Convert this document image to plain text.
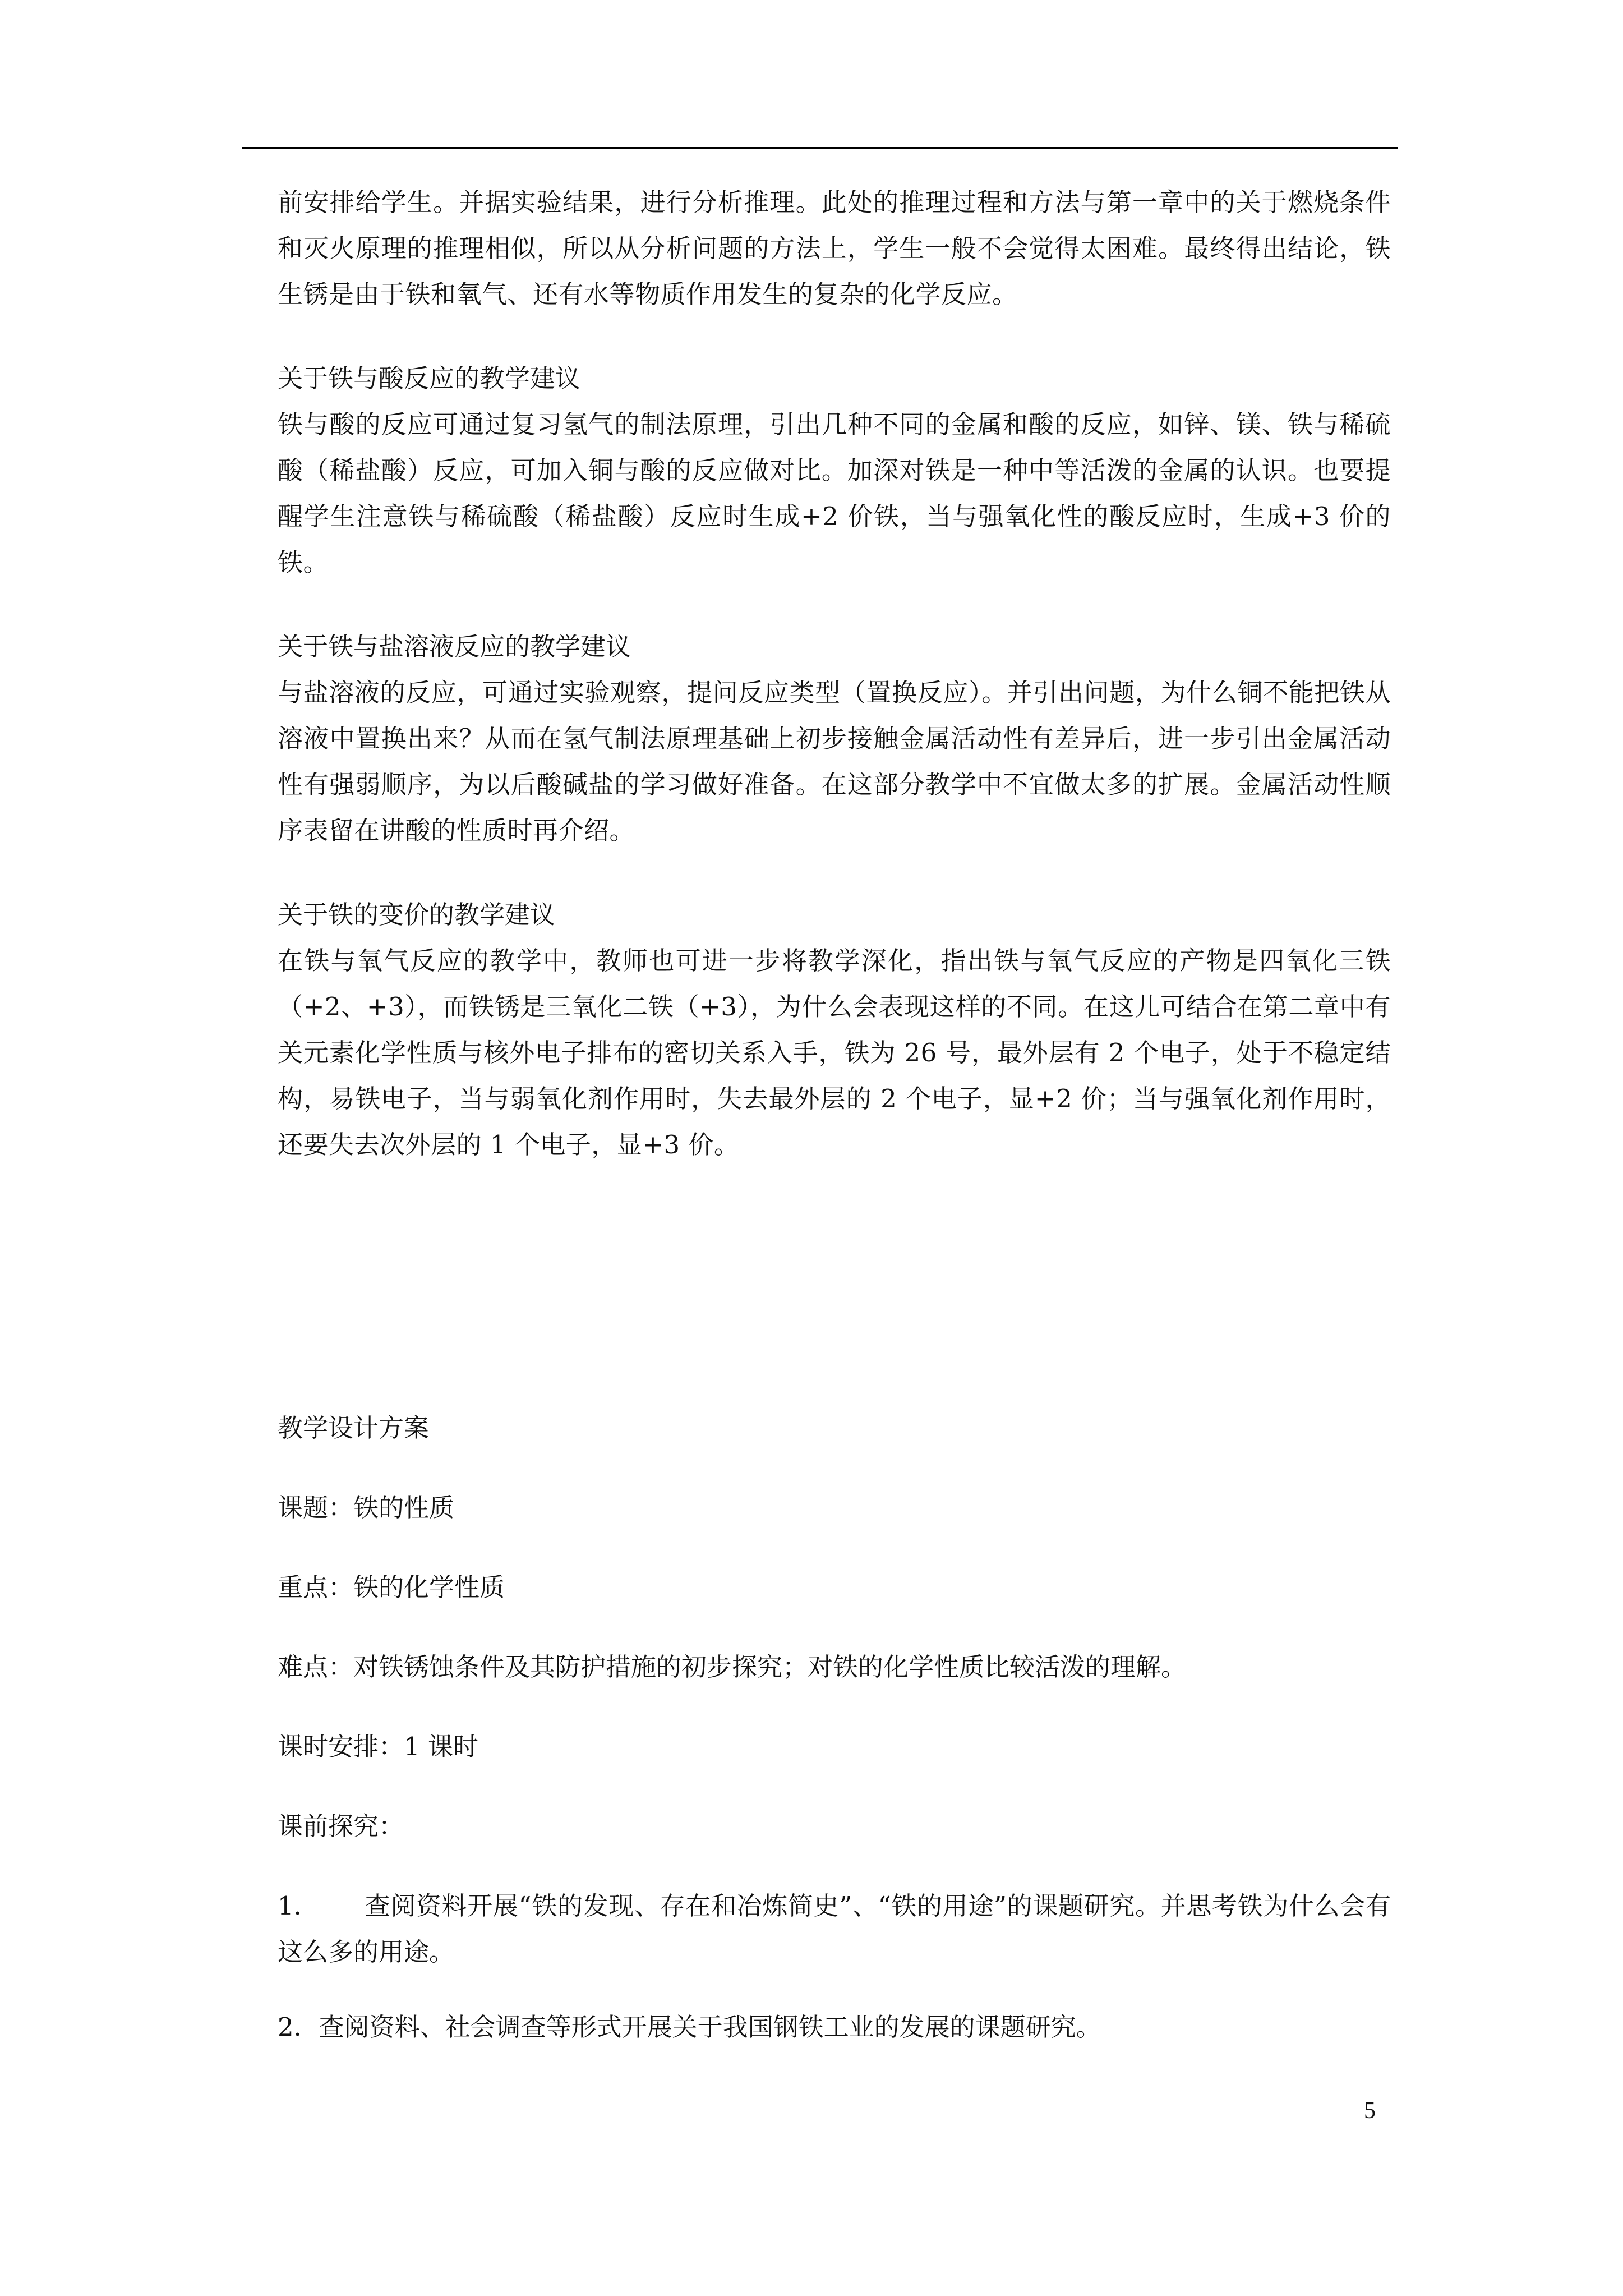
前安排给学生。并据实验结果，进行分析推理。此处的推理过程和方法与第一章中的关于燃烧条件和灭火原理的推理相似，所以从分析问题的方法上，学生一般不会觉得太困难。最终得出结论，铁生锈是由于铁和氧气、还有水等物质作用发生的复杂的化学反应。

关于铁与酸反应的教学建议

铁与酸的反应可通过复习氢气的制法原理，引出几种不同的金属和酸的反应，如锌、镁、铁与稀硫酸（稀盐酸）反应，可加入铜与酸的反应做对比。加深对铁是一种中等活泼的金属的认识。也要提醒学生注意铁与稀硫酸（稀盐酸）反应时生成+2 价铁，当与强氧化性的酸反应时，生成+3 价的铁。

关于铁与盐溶液反应的教学建议

与盐溶液的反应，可通过实验观察，提问反应类型（置换反应）。并引出问题，为什么铜不能把铁从溶液中置换出来？从而在氢气制法原理基础上初步接触金属活动性有差异后，进一步引出金属活动性有强弱顺序，为以后酸碱盐的学习做好准备。在这部分教学中不宜做太多的扩展。金属活动性顺序表留在讲酸的性质时再介绍。

关于铁的变价的教学建议

在铁与氧气反应的教学中，教师也可进一步将教学深化，指出铁与氧气反应的产物是四氧化三铁（+2、+3），而铁锈是三氧化二铁（+3），为什么会表现这样的不同。在这儿可结合在第二章中有关元素化学性质与核外电子排布的密切关系入手，铁为 26 号，最外层有 2 个电子，处于不稳定结构，易铁电子，当与弱氧化剂作用时，失去最外层的 2 个电子，显+2 价；当与强氧化剂作用时，还要失去次外层的 1 个电子，显+3 价。

教学设计方案

课题：铁的性质

重点：铁的化学性质

难点：对铁锈蚀条件及其防护措施的初步探究；对铁的化学性质比较活泼的理解。

课时安排：1 课时

课前探究：

1． 查阅资料开展“铁的发现、存在和冶炼简史”、“铁的用途”的课题研究。并思考铁为什么会有这么多的用途。

2．查阅资料、社会调查等形式开展关于我国钢铁工业的发展的课题研究。

5
